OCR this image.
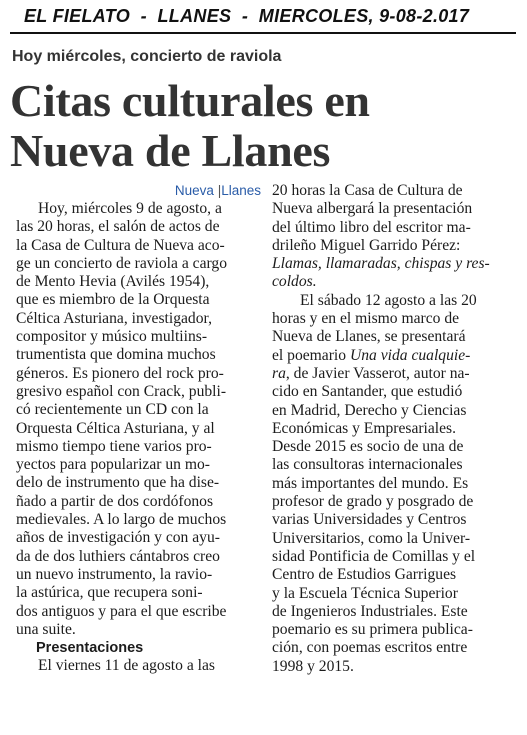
EL FIELATO  -  LLANES  -  MIERCOLES, 9-08-2.017
Hoy miércoles, concierto de raviola
Citas culturales en
Nueva de Llanes

Nueva |Llanes

Hoy, miércoles 9 de agosto, a

las 20 horas, el salón de actos de

la Casa de Cultura de Nueva aco-

ge un concierto de raviola a cargo

de Mento Hevia (Avilés 1954),

que es miembro de la Orquesta

Céltica Asturiana, investigador,

compositor y músico multiins-

trumentista que domina muchos

géneros. Es pionero del rock pro-

gresivo español con Crack, publi-

có recientemente un CD con la

Orquesta Céltica Asturiana, y al

mismo tiempo tiene varios pro-

yectos para popularizar un mo-

delo de instrumento que ha dise-

ñado a partir de dos cordófonos

medievales. A lo largo de muchos

años de investigación y con ayu-

da de dos luthiers cántabros creo

un nuevo instrumento, la ravio-

la astúrica, que recupera soni-

dos antiguos y para el que escribe

una suite.

Presentaciones

El viernes 11 de agosto a las

20 horas la Casa de Cultura de

Nueva albergará la presentación

del último libro del escritor ma-

drileño Miguel Garrido Pérez:

Llamas, llamaradas, chispas y res-

coldos.

El sábado 12 agosto a las 20

horas y en el mismo marco de

Nueva de Llanes, se presentará

el poemario Una vida cualquie-

ra, de Javier Vasserot, autor na-

cido en Santander, que estudió

en Madrid, Derecho y Ciencias

Económicas y Empresariales.

Desde 2015 es socio de una de

las consultoras internacionales

más importantes del mundo. Es

profesor de grado y posgrado de

varias Universidades y Centros

Universitarios, como la Univer-

sidad Pontificia de Comillas y el

Centro de Estudios Garrigues

y la Escuela Técnica Superior

de Ingenieros Industriales. Este

poemario es su primera publica-

ción, con poemas escritos entre

1998 y 2015.
